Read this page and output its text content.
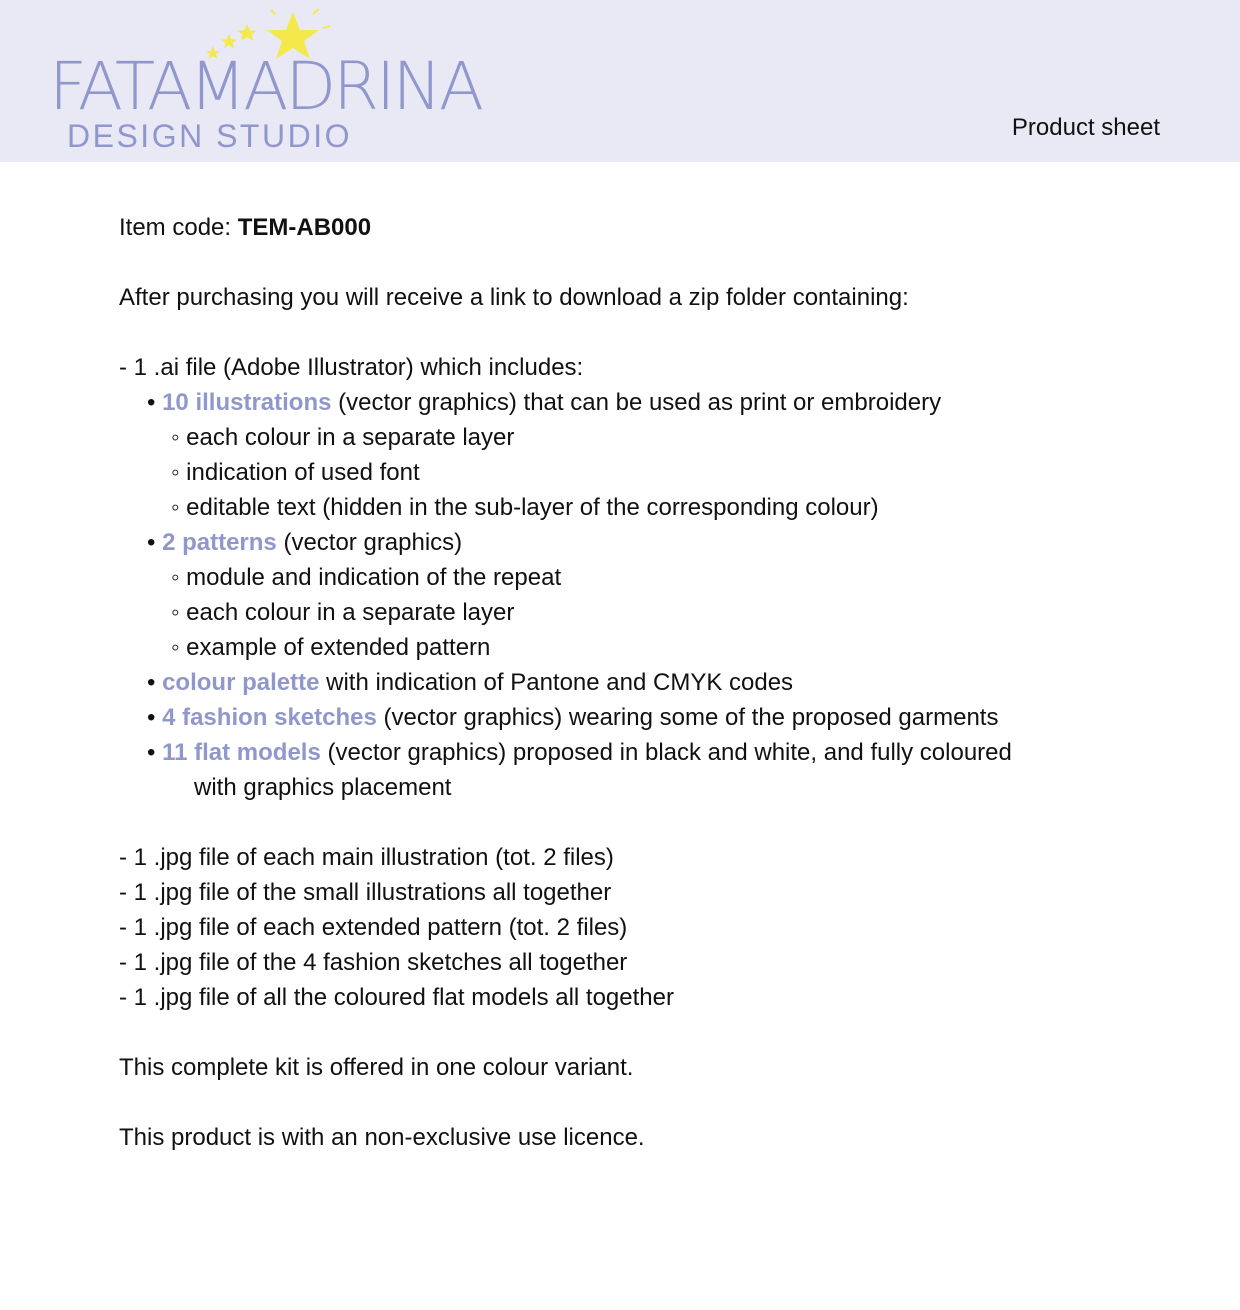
FATAMADRINA
DESIGN STUDIO	Product sheet
Item code: TEM-AB000
After purchasing you will receive a link to download a zip folder containing:
- 1 .ai file (Adobe Illustrator) which includes:
• 10 illustrations (vector graphics) that can be used as print or embroidery
◦ each colour in a separate layer
◦ indication of used font
◦ editable text (hidden in the sub-layer of the corresponding colour)
• 2 patterns (vector graphics)
◦ module and indication of the repeat
◦ each colour in a separate layer
◦ example of extended pattern
• colour palette with indication of Pantone and CMYK codes
• 4 fashion sketches (vector graphics) wearing some of the proposed garments
• 11 flat models (vector graphics) proposed in black and white, and fully coloured
with graphics placement
- 1 .jpg file of each main illustration (tot. 2 files)
- 1 .jpg file of the small illustrations all together
- 1 .jpg file of each extended pattern (tot. 2 files)
- 1 .jpg file of the 4 fashion sketches all together
- 1 .jpg file of all the coloured flat models all together
This complete kit is offered in one colour variant.
This product is with an non-exclusive use licence.
